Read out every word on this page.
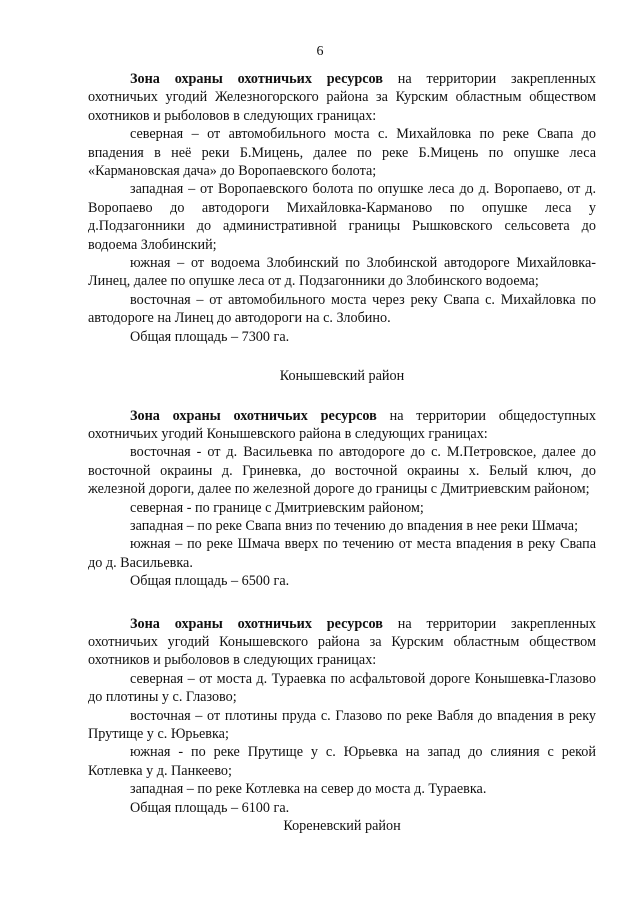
6

Зона охраны охотничьих ресурсов на территории закрепленных охотничьих угодий Железногорского района за Курским областным обществом охотников и рыболовов в следующих границах:

северная – от автомобильного моста с. Михайловка по реке Свапа до впадения в неё реки Б.Мицень, далее по реке Б.Мицень по опушке леса «Кармановская дача» до Воропаевского болота;

западная – от Воропаевского болота по опушке леса до д. Воропаево, от д. Воропаево до автодороги Михайловка-Карманово по опушке леса у д.Подзагонники до административной границы Рышковского сельсовета до водоема Злобинский;

южная – от водоема Злобинский по Злобинской автодороге Михайловка-Линец, далее по опушке леса от д. Подзагонники до Злобинского водоема;

восточная – от автомобильного моста через реку Свапа с. Михайловка по автодороге на Линец до автодороги на с. Злобино.

Общая площадь – 7300 га.

Конышевский район

Зона охраны охотничьих ресурсов на территории общедоступных охотничьих угодий Конышевского района в следующих границах:

восточная - от д. Васильевка по автодороге до с. М.Петровское, далее до восточной окраины д. Гриневка, до восточной окраины х. Белый ключ, до железной дороги, далее по железной дороге до границы с Дмитриевским районом;

северная - по границе с Дмитриевским районом;

западная – по реке Свапа вниз по течению до впадения в нее реки Шмача;

южная – по реке Шмача вверх по течению от места впадения в реку Свапа до д. Васильевка.

Общая площадь – 6500 га.

Зона охраны охотничьих ресурсов на территории закрепленных охотничьих угодий Конышевского района за Курским областным обществом охотников и рыболовов в следующих границах:

северная – от моста д. Тураевка по асфальтовой дороге Конышевка-Глазово до плотины у с. Глазово;

восточная – от плотины пруда с. Глазово по реке Вабля до впадения в реку Прутище у с. Юрьевка;

южная - по реке Прутище у с. Юрьевка на запад до слияния с рекой Котлевка у д. Панкеево;

западная – по реке Котлевка на север до моста д. Тураевка.

Общая площадь – 6100 га.

Кореневский район
